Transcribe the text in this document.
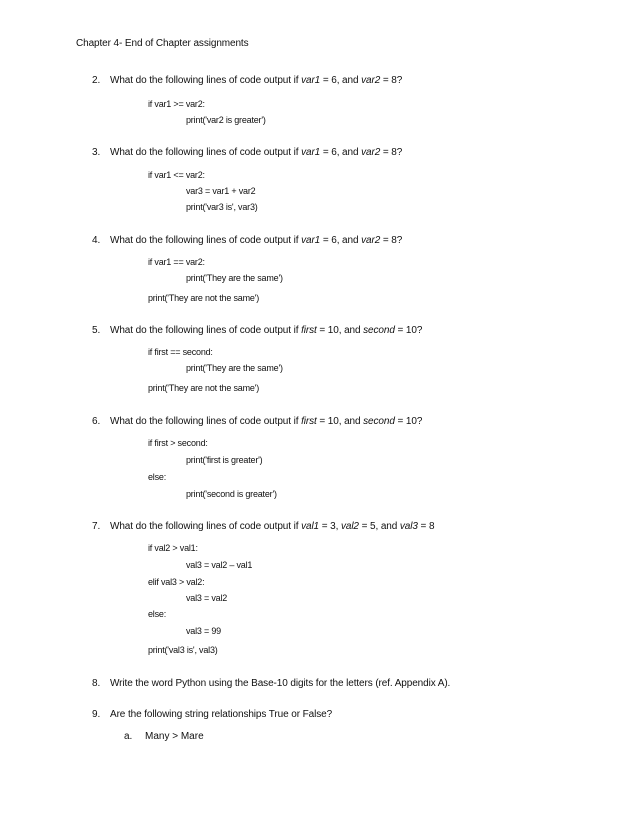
Chapter 4- End of Chapter assignments
2. What do the following lines of code output if var1 = 6, and var2 = 8?
if var1 >= var2:
print('var2 is greater')
3. What do the following lines of code output if var1 = 6, and var2 = 8?
if var1 <= var2:
var3 = var1 + var2
print('var3 is', var3)
4. What do the following lines of code output if var1 = 6, and var2 = 8?
if var1 == var2:
print('They are the same')
print('They are not the same')
5. What do the following lines of code output if first = 10, and second = 10?
if first == second:
print('They are the same')
print('They are not the same')
6. What do the following lines of code output if first = 10, and second = 10?
if first > second:
print('first is greater')
else:
print('second is greater')
7. What do the following lines of code output if val1 = 3, val2 = 5, and val3 = 8
if val2 > val1:
val3 = val2 – val1
elif val3 > val2:
val3 = val2
else:
val3 = 99
print('val3 is', val3)
8. Write the word Python using the Base-10 digits for the letters (ref. Appendix A).
9. Are the following string relationships True or False?
a. Many > Mare
